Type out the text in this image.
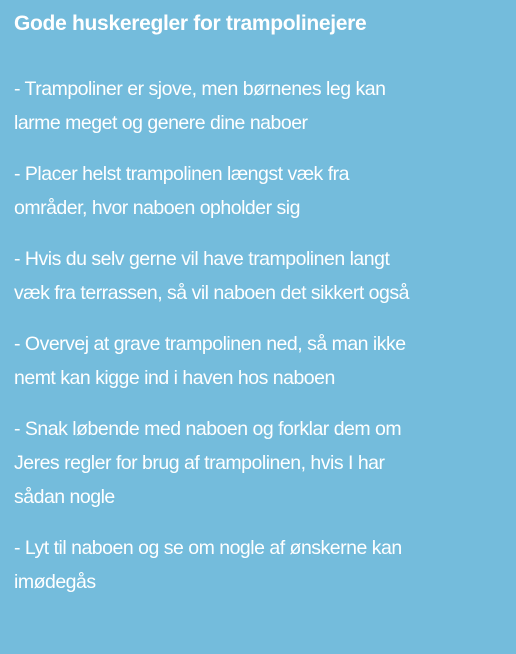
Gode huskeregler for trampolinejere
- Trampoliner er sjove, men børnenes leg kan
larme meget og genere dine naboer
- Placer helst trampolinen længst væk fra
områder, hvor naboen opholder sig
- Hvis du selv gerne vil have trampolinen langt
væk fra terrassen, så vil naboen det sikkert også
- Overvej at grave trampolinen ned, så man ikke
nemt kan kigge ind i haven hos naboen
- Snak løbende med naboen og forklar dem om
Jeres regler for brug af trampolinen, hvis I har
sådan nogle
- Lyt til naboen og se om nogle af ønskerne kan
imødegås
